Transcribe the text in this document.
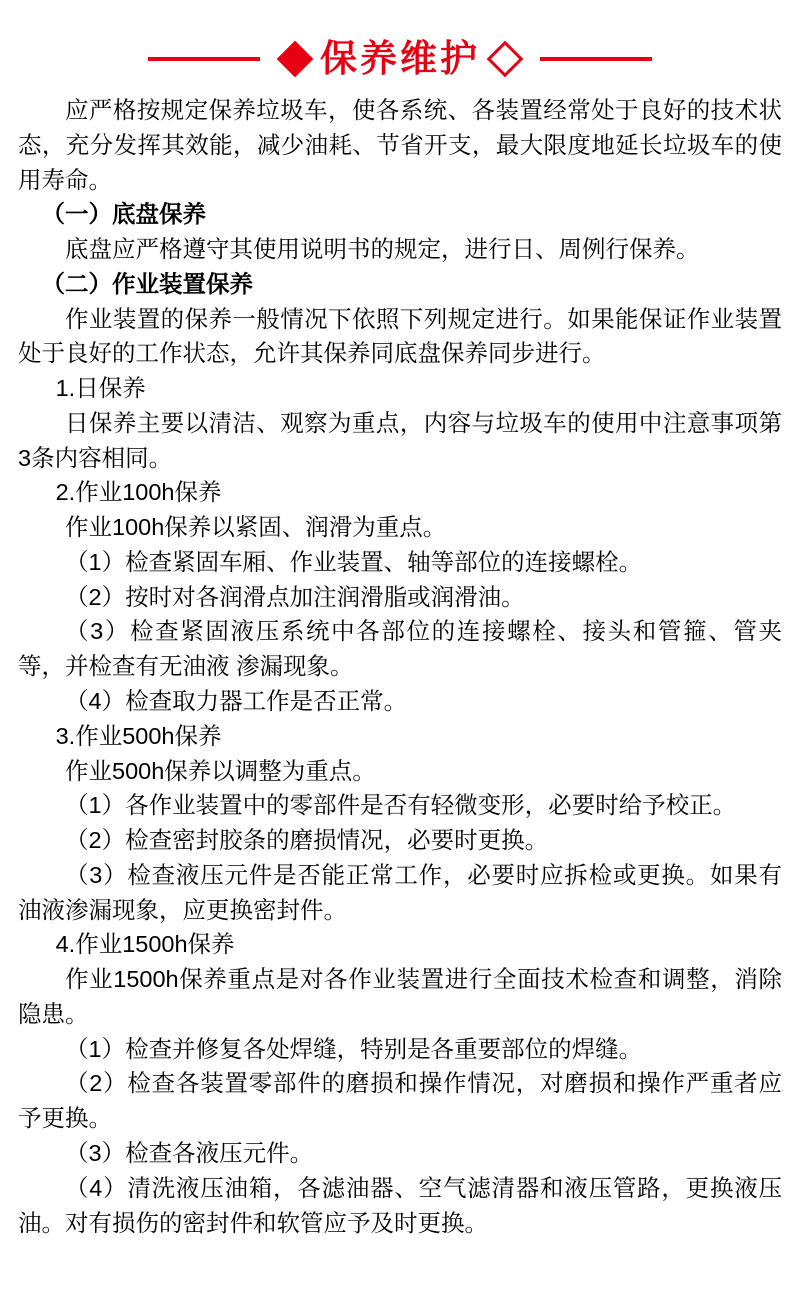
保养维护

应严格按规定保养垃圾车，使各系统、各装置经常处于良好的技术状态，充分发挥其效能，减少油耗、节省开支，最大限度地延长垃圾车的使用寿命。

（一）底盘保养

底盘应严格遵守其使用说明书的规定，进行日、周例行保养。

（二）作业装置保养

作业装置的保养一般情况下依照下列规定进行。如果能保证作业装置处于良好的工作状态，允许其保养同底盘保养同步进行。

1.日保养

日保养主要以清洁、观察为重点，内容与垃圾车的使用中注意事项第3条内容相同。

2.作业100h保养

作业100h保养以紧固、润滑为重点。

（1）检查紧固车厢、作业装置、轴等部位的连接螺栓。

（2）按时对各润滑点加注润滑脂或润滑油。

（3）检查紧固液压系统中各部位的连接螺栓、接头和管箍、管夹等，并检查有无油液 渗漏现象。

（4）检查取力器工作是否正常。

3.作业500h保养

作业500h保养以调整为重点。

（1）各作业装置中的零部件是否有轻微变形，必要时给予校正。

（2）检查密封胶条的磨损情况，必要时更换。

（3）检查液压元件是否能正常工作，必要时应拆检或更换。如果有油液渗漏现象，应更换密封件。

4.作业1500h保养

作业1500h保养重点是对各作业装置进行全面技术检查和调整，消除隐患。

（1）检查并修复各处焊缝，特别是各重要部位的焊缝。

（2）检查各装置零部件的磨损和操作情况，对磨损和操作严重者应予更换。

（3）检查各液压元件。

（4）清洗液压油箱，各滤油器、空气滤清器和液压管路，更换液压油。对有损伤的密封件和软管应予及时更换。
